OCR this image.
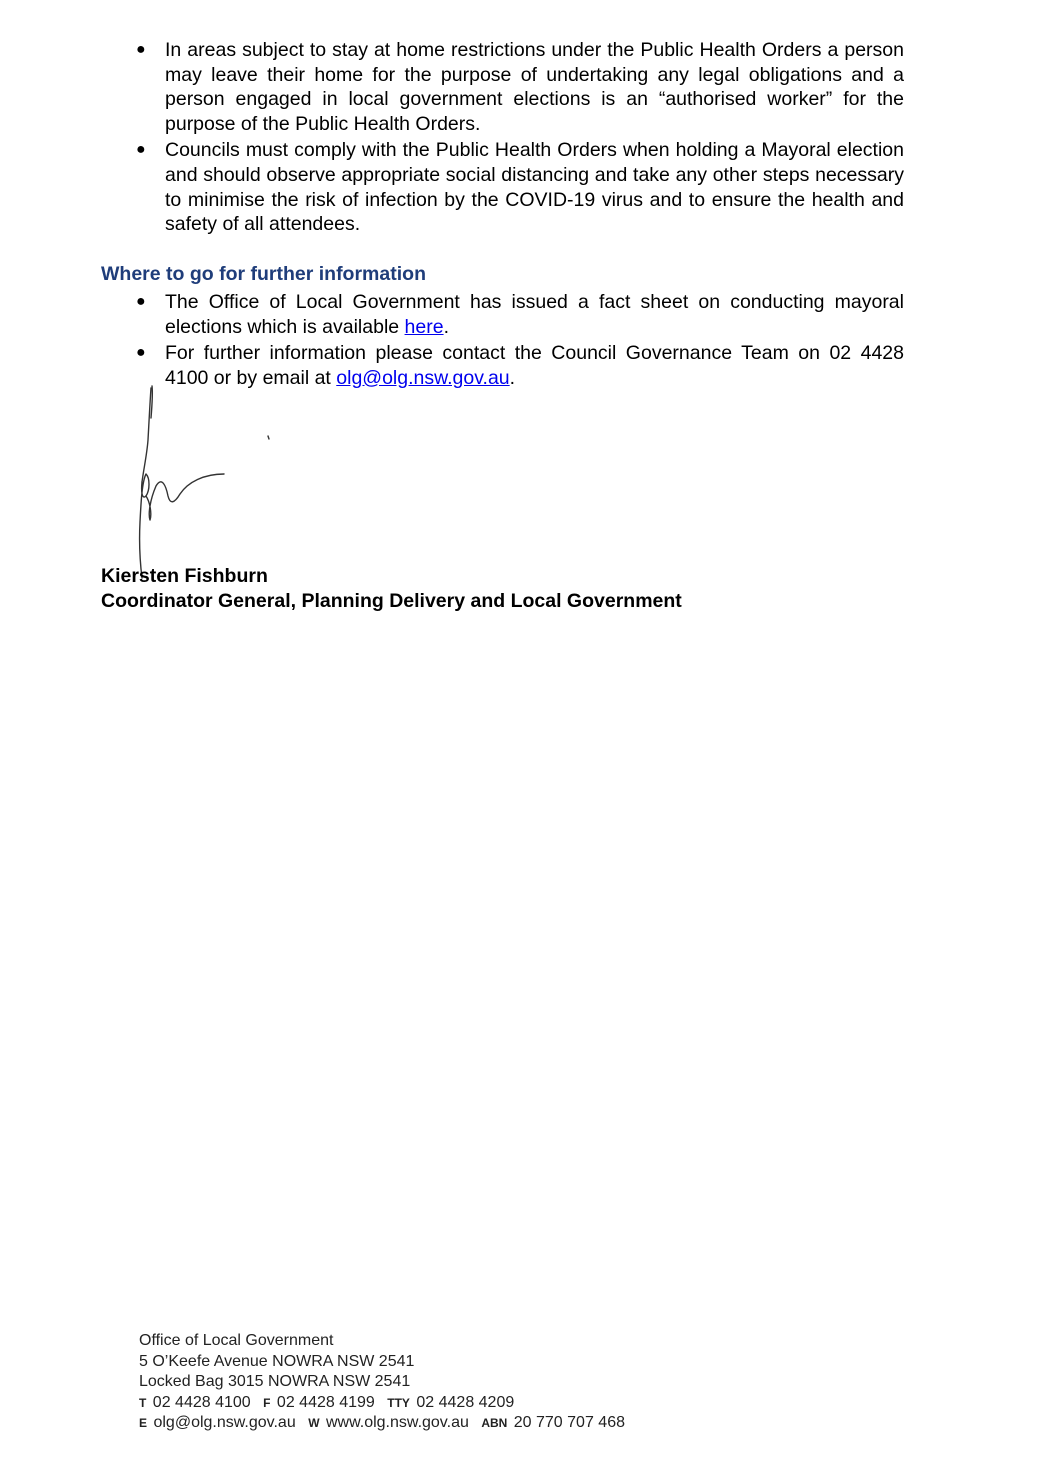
● In areas subject to stay at home restrictions under the Public Health Orders a person may leave their home for the purpose of undertaking any legal obligations and a person engaged in local government elections is an “authorised worker” for the purpose of the Public Health Orders.
● Councils must comply with the Public Health Orders when holding a Mayoral election and should observe appropriate social distancing and take any other steps necessary to minimise the risk of infection by the COVID-19 virus and to ensure the health and safety of all attendees.
Where to go for further information
● The Office of Local Government has issued a fact sheet on conducting mayoral elections which is available here.
● For further information please contact the Council Governance Team on 02 4428 4100 or by email at olg@olg.nsw.gov.au.

Kiersten Fishburn

Coordinator General, Planning Delivery and Local Government

Office of Local Government
5 O’Keefe Avenue NOWRA NSW 2541
Locked Bag 3015 NOWRA NSW 2541
T 02 4428 4100 F 02 4428 4199 TTY 02 4428 4209
E olg@olg.nsw.gov.au W www.olg.nsw.gov.au ABN 20 770 707 468
